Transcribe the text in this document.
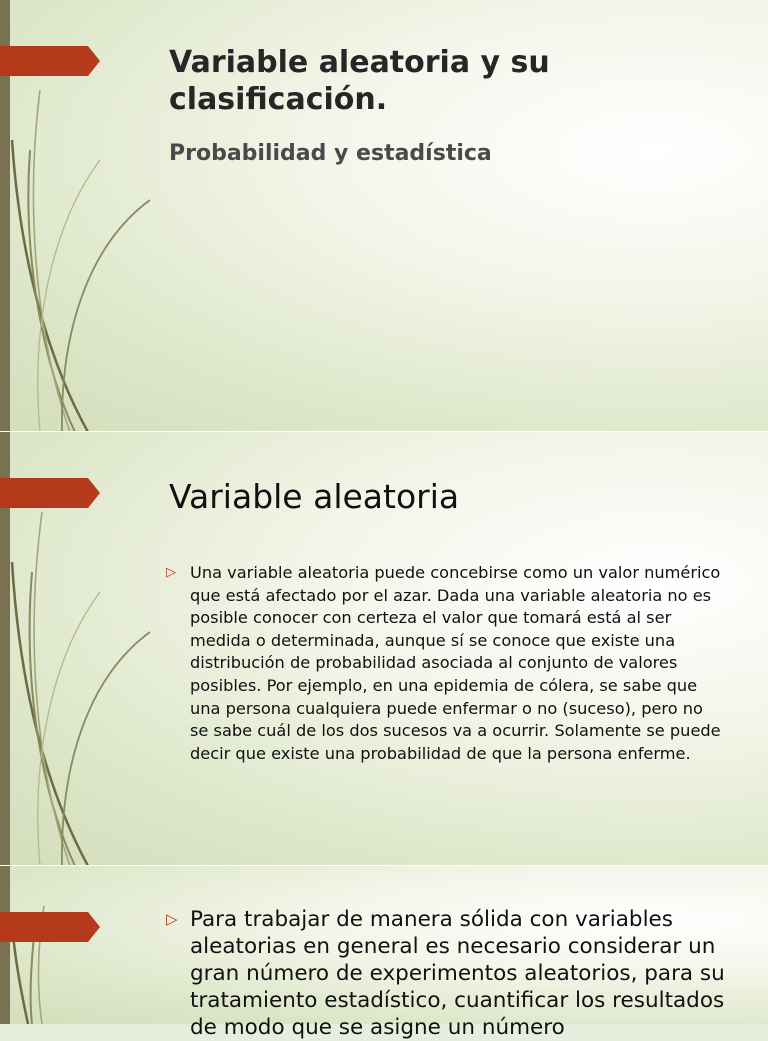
Variable aleatoria y su clasificación.
Probabilidad y estadística
Variable aleatoria
▷ Una variable aleatoria puede concebirse como un valor numérico que está afectado por el azar. Dada una variable aleatoria no es posible conocer con certeza el valor que tomará está al ser medida o determinada, aunque sí se conoce que existe una distribución de probabilidad asociada al conjunto de valores posibles. Por ejemplo, en una epidemia de cólera, se sabe que una persona cualquiera puede enfermar o no (suceso), pero no se sabe cuál de los dos sucesos va a ocurrir. Solamente se puede decir que existe una probabilidad de que la persona enferme.

▷ Para trabajar de manera sólida con variables aleatorias en general es necesario considerar un gran número de experimentos aleatorios, para su tratamiento estadístico, cuantificar los resultados de modo que se asigne un número
